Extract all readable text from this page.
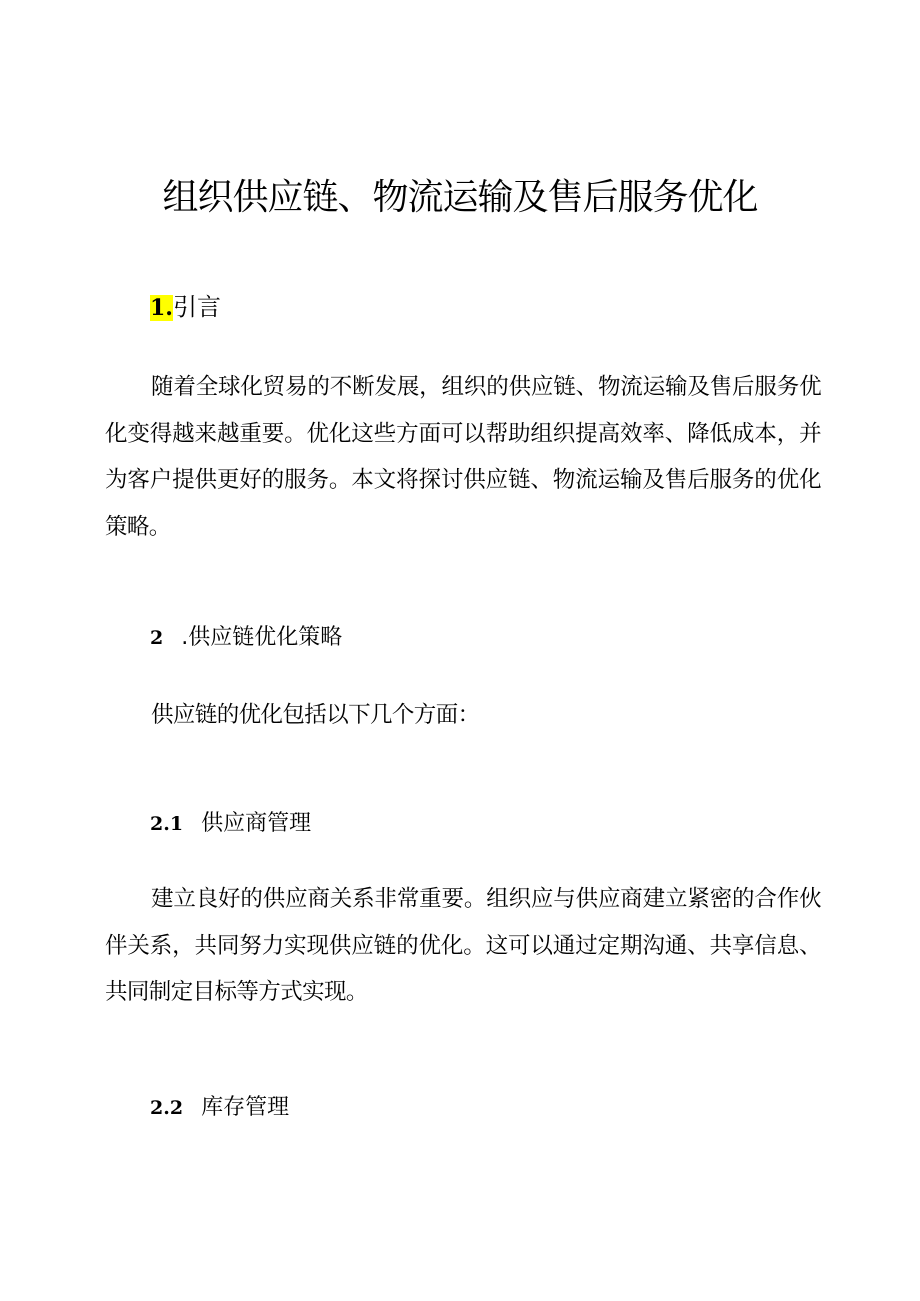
组织供应链、物流运输及售后服务优化
1.引言

随着全球化贸易的不断发展，组织的供应链、物流运输及售后服务优化变得越来越重要。优化这些方面可以帮助组织提高效率、降低成本，并为客户提供更好的服务。本文将探讨供应链、物流运输及售后服务的优化策略。

2 .供应链优化策略

供应链的优化包括以下几个方面：

2.1 供应商管理

建立良好的供应商关系非常重要。组织应与供应商建立紧密的合作伙伴关系，共同努力实现供应链的优化。这可以通过定期沟通、共享信息、共同制定目标等方式实现。

2.2 库存管理
